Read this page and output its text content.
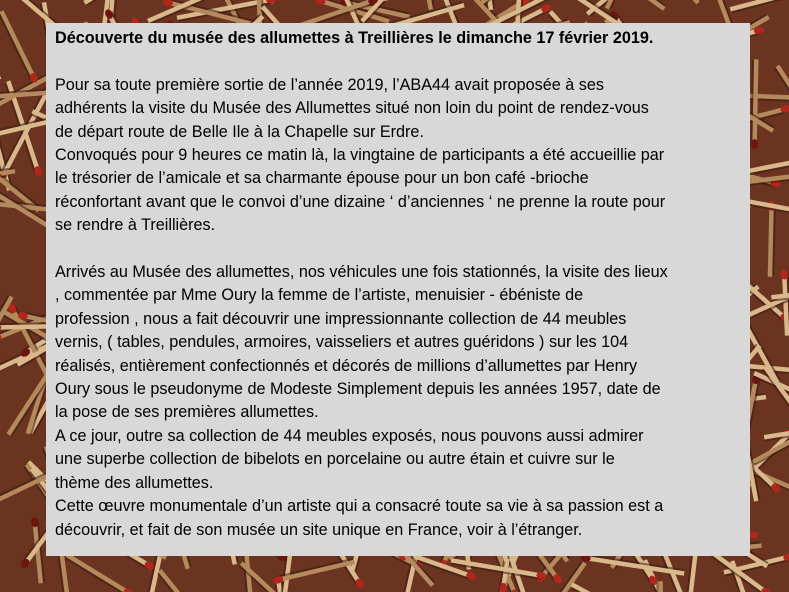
Découverte du musée des allumettes à Treillières le dimanche 17 février 2019.
Pour sa toute première sortie de l’année 2019, l’ABA44 avait proposée à ses
adhérents la visite du Musée des Allumettes situé non loin du point de rendez-vous
de départ route de Belle Ile à la Chapelle sur Erdre.
Convoqués pour 9 heures ce matin là, la vingtaine de participants a été accueillie par
le trésorier de l’amicale et sa charmante épouse pour un bon café -brioche
réconfortant avant que le convoi d’une dizaine ‘ d’anciennes ‘ ne prenne la route pour
se rendre à Treillières.
Arrivés au Musée des allumettes, nos véhicules une fois stationnés, la visite des lieux
, commentée par Mme Oury la femme de l’artiste, menuisier - ébéniste de
profession , nous a fait découvrir une impressionnante collection de 44 meubles
vernis, ( tables, pendules, armoires, vaisseliers et autres guéridons ) sur les 104
réalisés, entièrement confectionnés et décorés de millions d’allumettes par Henry
Oury sous le pseudonyme de Modeste Simplement depuis les années 1957, date de
la pose de ses premières allumettes.
A ce jour, outre sa collection de 44 meubles exposés, nous pouvons aussi admirer
une superbe collection de bibelots en porcelaine ou autre étain et cuivre sur le
thème des allumettes.
Cette œuvre monumentale d’un artiste qui a consacré toute sa vie à sa passion est a
découvrir, et fait de son musée un site unique en France, voir à l’étranger.
